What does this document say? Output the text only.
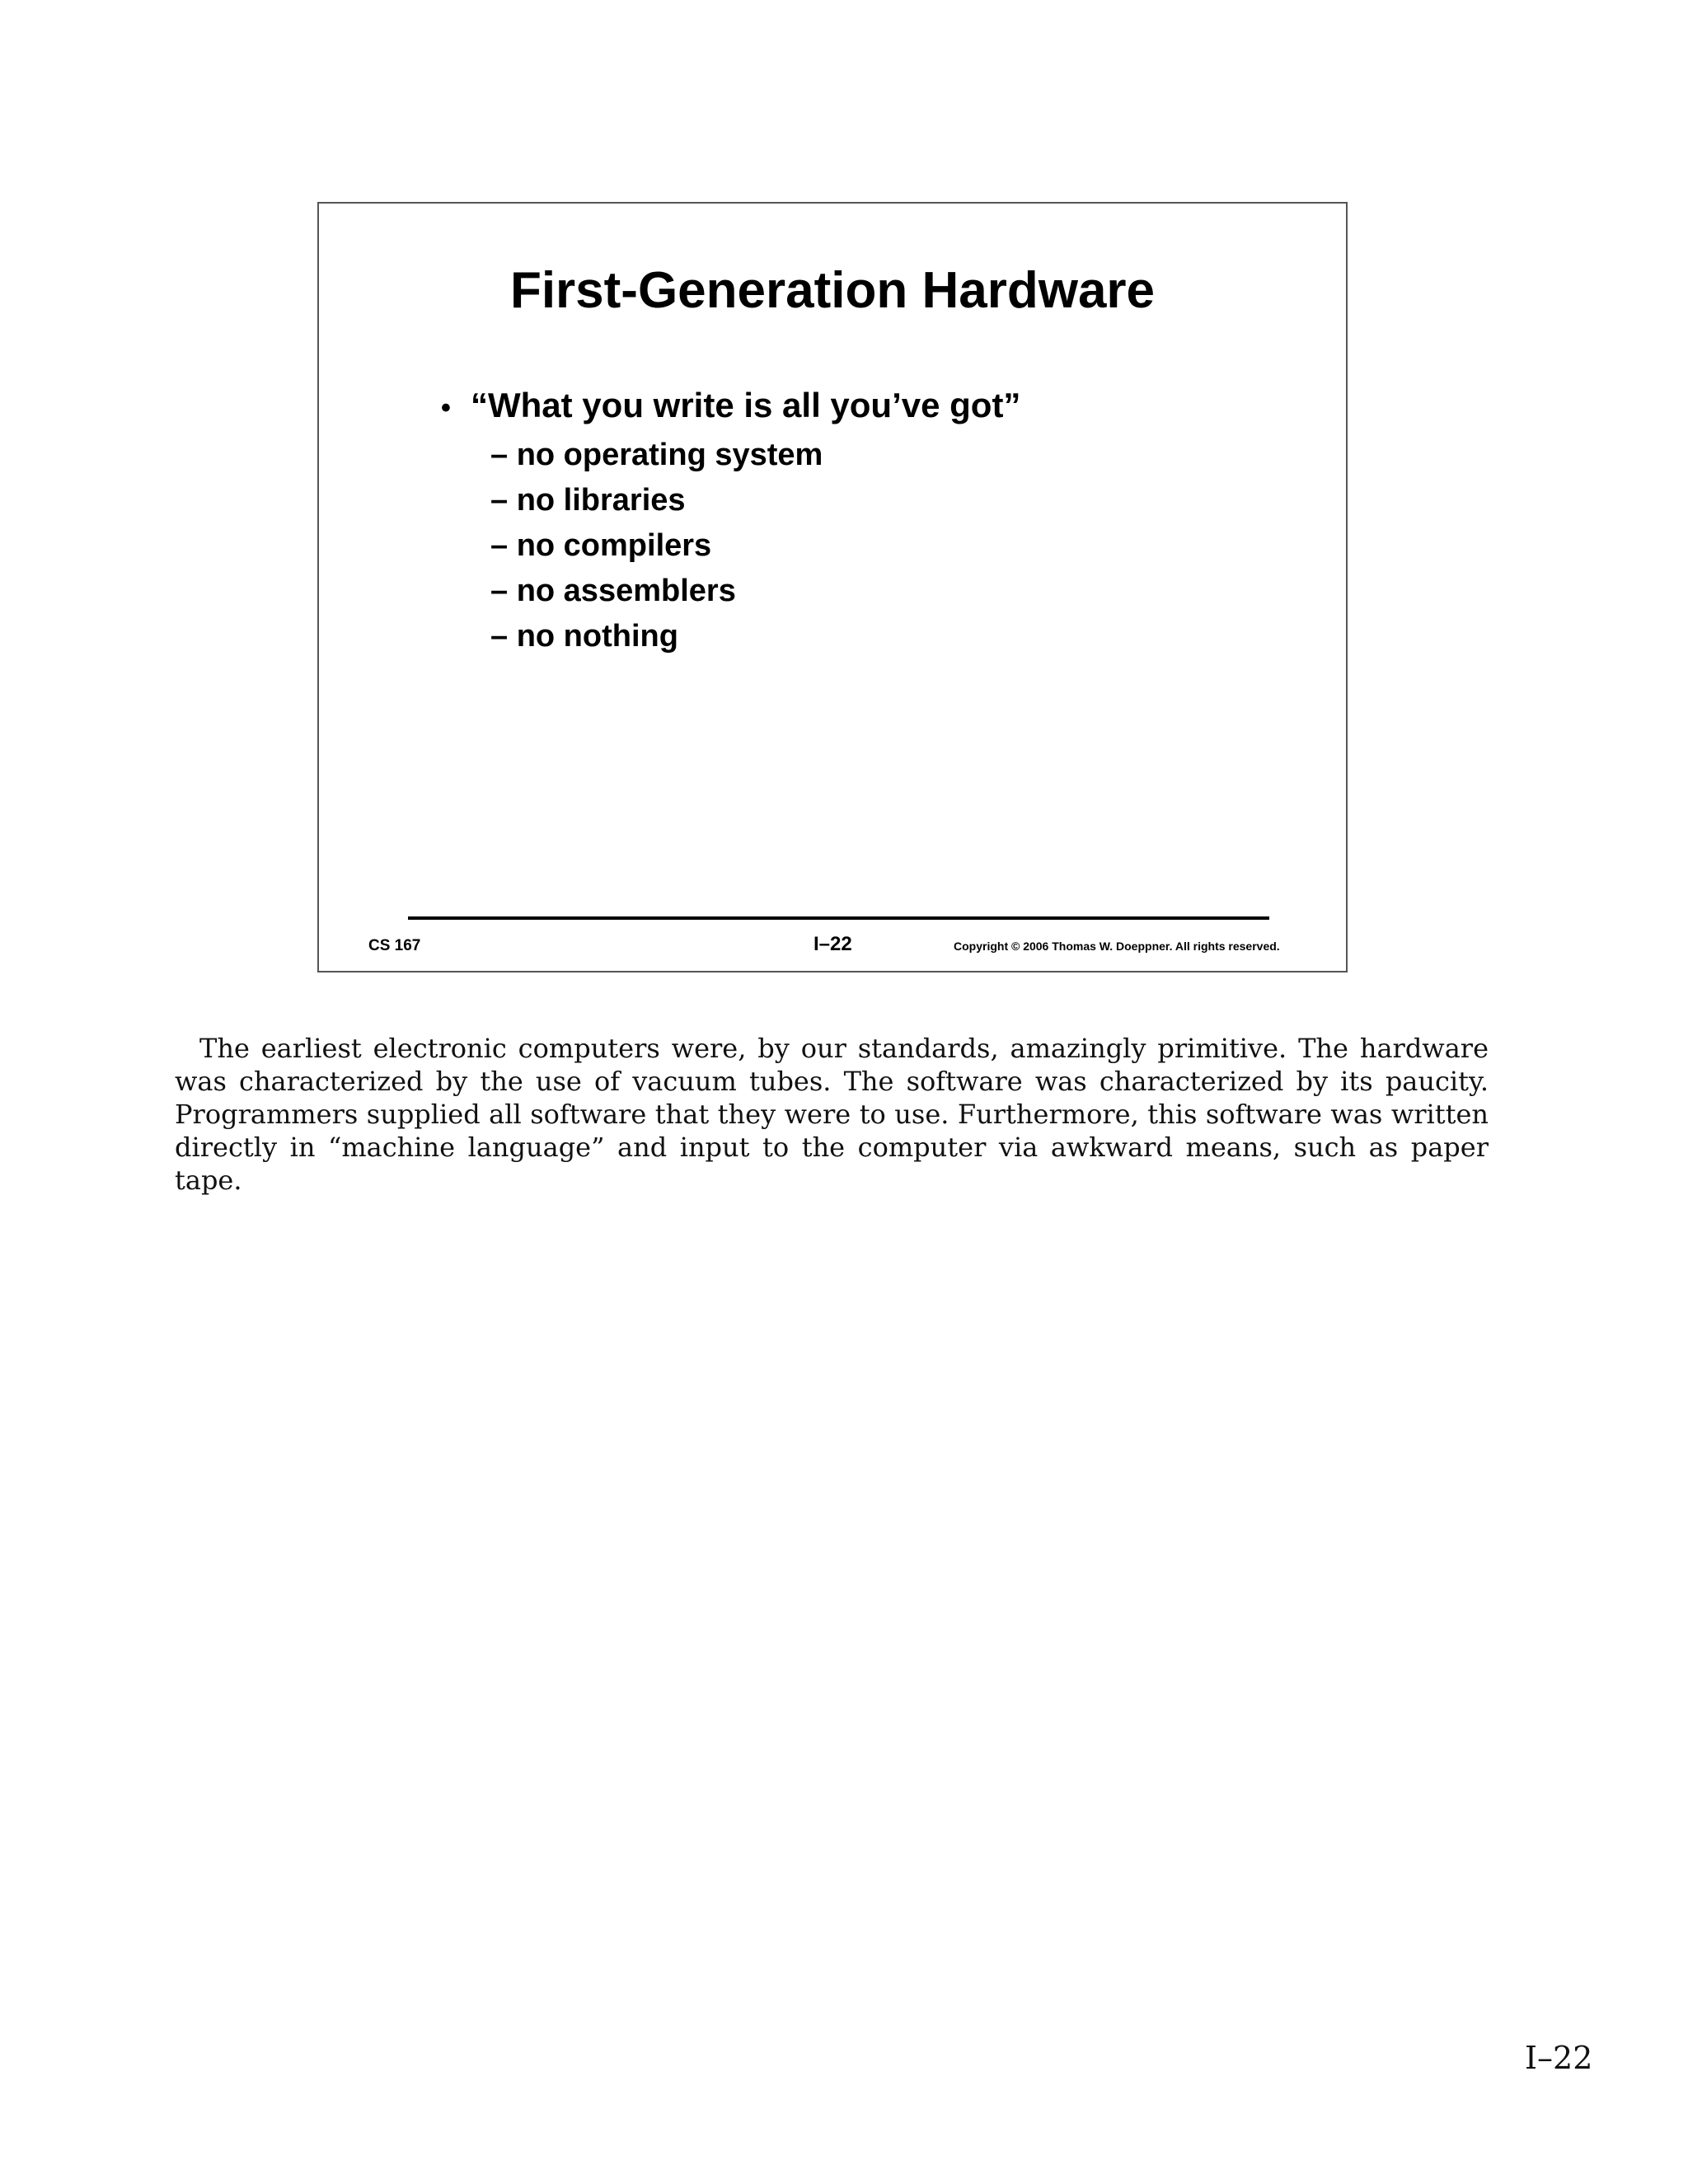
First-Generation Hardware
• “What you write is all you’ve got”
– no operating system
– no libraries
– no compilers
– no assemblers
– no nothing
CS 167	I–22	Copyright © 2006 Thomas W. Doeppner. All rights reserved.

The earliest electronic computers were, by our standards, amazingly primitive. The hardware was characterized by the use of vacuum tubes. The software was characterized by its paucity. Programmers supplied all software that they were to use. Furthermore, this software was written directly in “machine language” and input to the computer via awkward means, such as paper tape.

I–22
